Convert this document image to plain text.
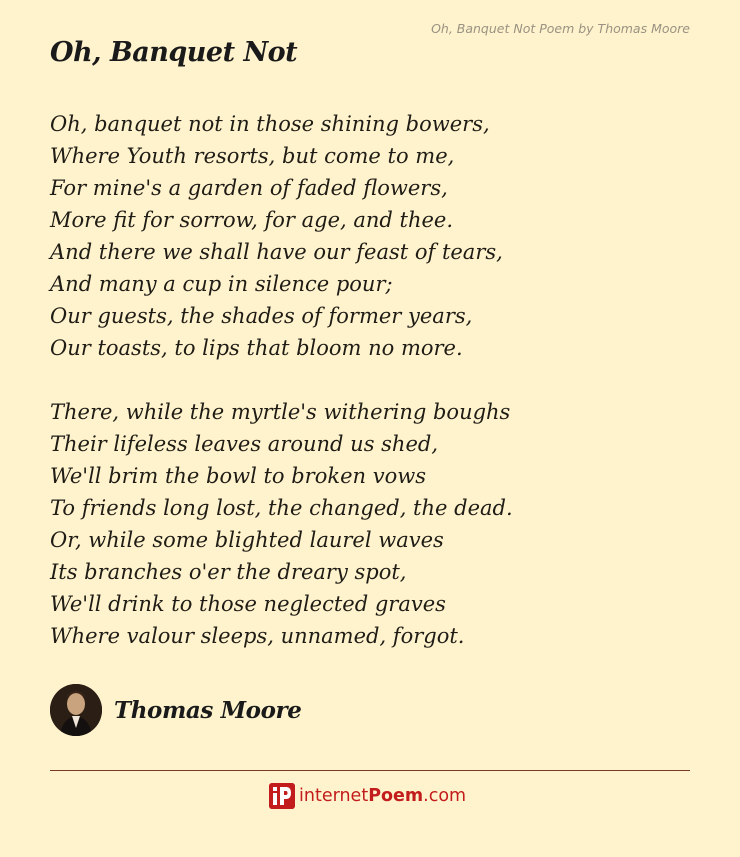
Oh, Banquet Not Poem by Thomas Moore
Oh, Banquet Not
Oh, banquet not in those shining bowers,
Where Youth resorts, but come to me,
For mine's a garden of faded flowers,
More fit for sorrow, for age, and thee.
And there we shall have our feast of tears,
And many a cup in silence pour;
Our guests, the shades of former years,
Our toasts, to lips that bloom no more.
There, while the myrtle's withering boughs
Their lifeless leaves around us shed,
We'll brim the bowl to broken vows
To friends long lost, the changed, the dead.
Or, while some blighted laurel waves
Its branches o'er the dreary spot,
We'll drink to those neglected graves
Where valour sleeps, unnamed, forgot.
Thomas Moore
internetPoem.com
